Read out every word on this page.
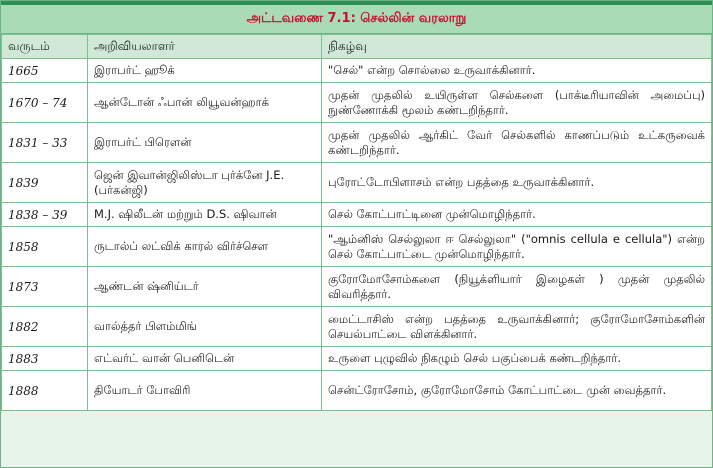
அட்டவணை 7.1: செல்லின் வரலாறு
வருடம்	அறிவியலாளர்	நிகழ்வு
1665	இராபர்ட் ஹூக்	"செல்" என்ற சொல்லை உருவாக்கினார்.
1670 – 74	ஆன்டோன் ஃபான் லியூவன்ஹாக்	முதன் முதலில் உயிருள்ள செல்களை (பாக்டீரியாவின் அமைப்பு) நுண்ணோக்கி மூலம் கண்டறிந்தார்.
1831 – 33	இராபர்ட் பிரௌன்	முதன் முதலில் ஆர்கிட் வேர் செல்களில் காணப்படும் உட்கருவைக் கண்டறிந்தார்.
1839	ஜென் இவான்ஜிலிஸ்டா புர்க்னே J.E. (பர்கன்ஜி)	புரோட்டோபிளாசம் என்ற பதத்தை உருவாக்கினார்.
1838 – 39	M.J. ஷிலீடன் மற்றும் D.S. ஷிவான்	செல் கோட்பாட்டினை முன்மொழிந்தார்.
1858	ருடால்ப் லட்விக் காரல் விர்ச்சௌ	"ஆம்னிஸ் செல்லுலா ஈ செல்லுலா" ("omnis cellula e cellula") என்ற செல் கோட்பாட்டை முன்மொழிந்தார்.
1873	ஆண்டன் ஷ்னிய்டர்	குரோமோசோம்களை (நியூக்ளியார் இழைகள் ) முதன் முதலில் விவரித்தார்.
1882	வால்த்தர் பிளம்மிங்	மைட்டாசிஸ் என்ற பதத்தை உருவாக்கினார்; குரோமோசோம்களின் செயல்பாட்டை விளக்கினார்.
1883	எட்வர்ட் வான் பெனிடென்	உருளை புழுவில் நிகழும் செல் பகுப்பைக் கண்டறிந்தார்.
1888	தியோடர் போவிரி	சென்ட்ரோசோம், குரோமோசோம் கோட்பாட்டை முன் வைத்தார்.
